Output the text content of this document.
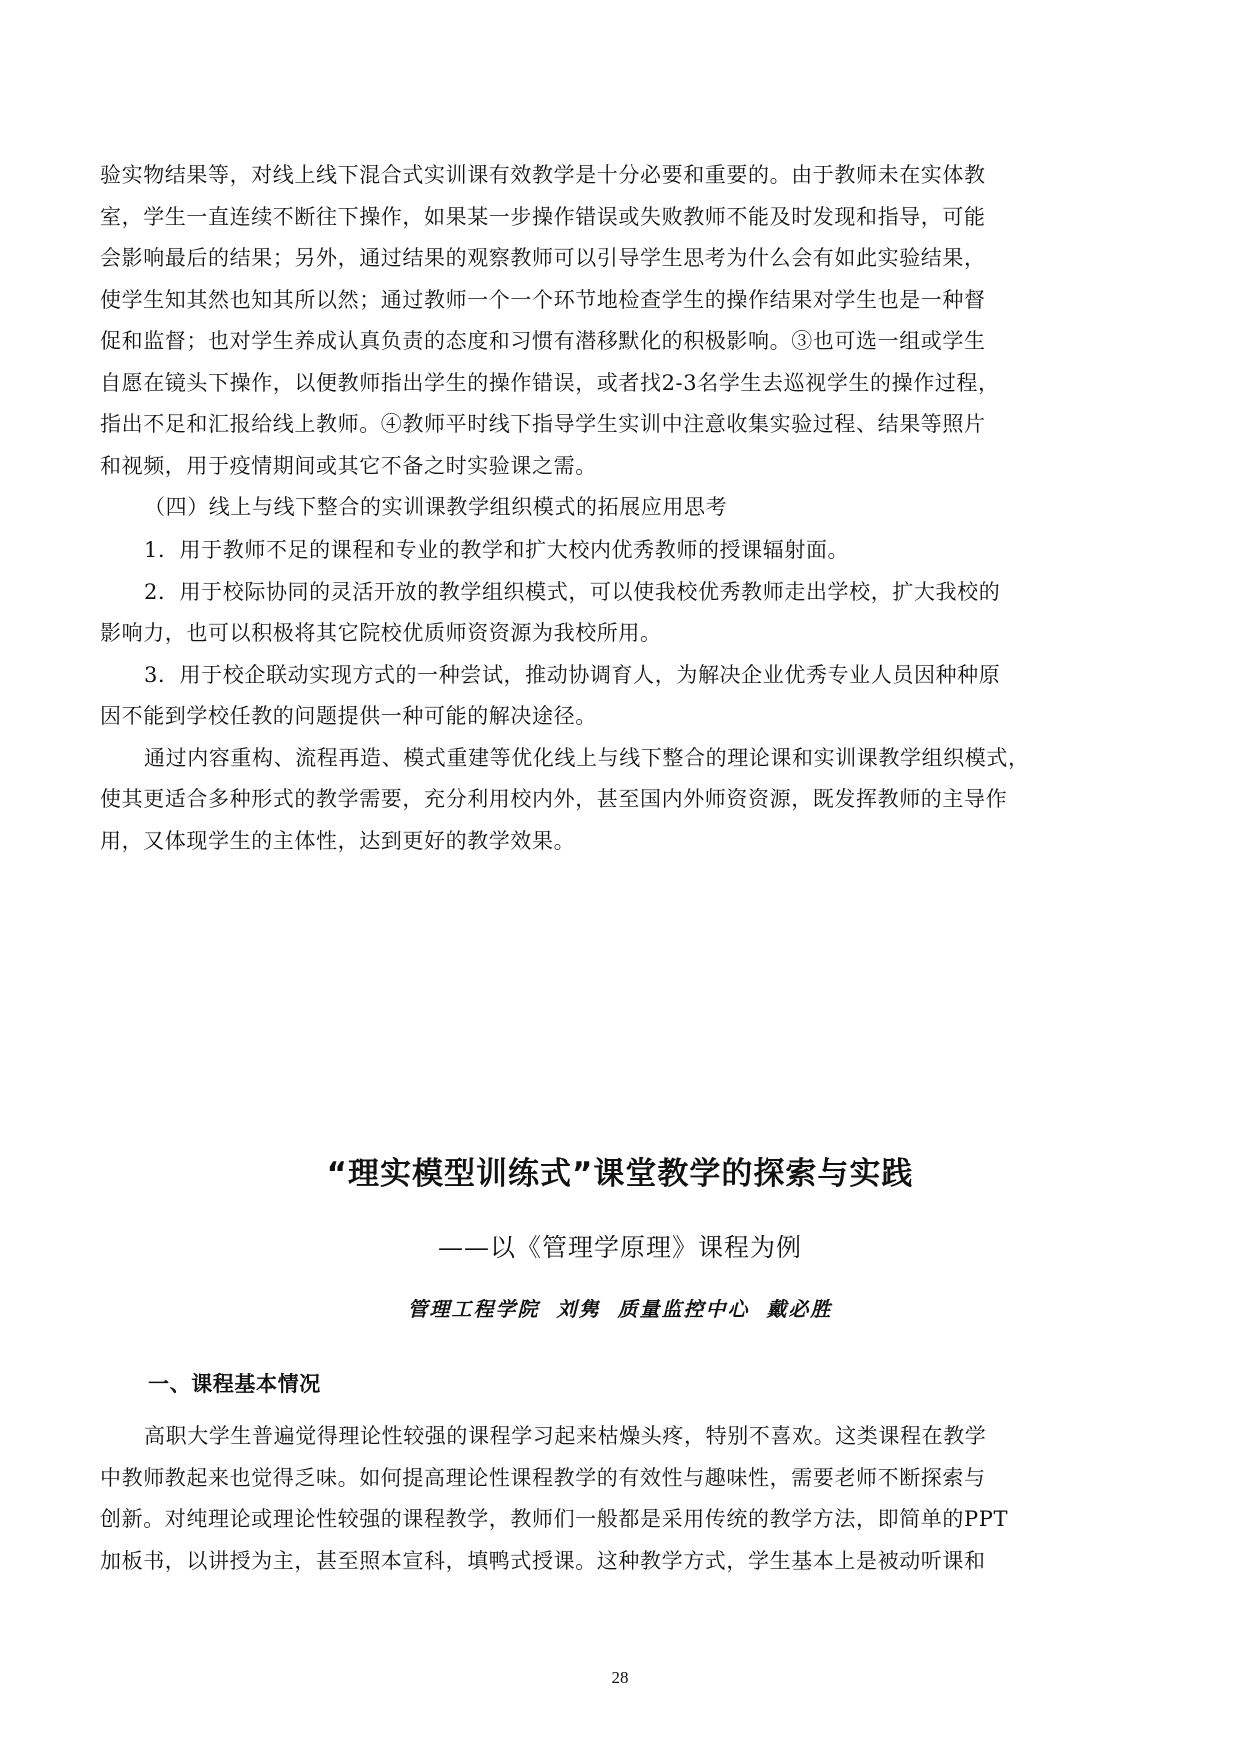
验实物结果等，对线上线下混合式实训课有效教学是十分必要和重要的。由于教师未在实体教
室，学生一直连续不断往下操作，如果某一步操作错误或失败教师不能及时发现和指导，可能
会影响最后的结果；另外，通过结果的观察教师可以引导学生思考为什么会有如此实验结果，
使学生知其然也知其所以然；通过教师一个一个环节地检查学生的操作结果对学生也是一种督
促和监督；也对学生养成认真负责的态度和习惯有潜移默化的积极影响。③也可选一组或学生
自愿在镜头下操作，以便教师指出学生的操作错误，或者找2-3名学生去巡视学生的操作过程，
指出不足和汇报给线上教师。④教师平时线下指导学生实训中注意收集实验过程、结果等照片
和视频，用于疫情期间或其它不备之时实验课之需。
（四）线上与线下整合的实训课教学组织模式的拓展应用思考
1．用于教师不足的课程和专业的教学和扩大校内优秀教师的授课辐射面。
2．用于校际协同的灵活开放的教学组织模式，可以使我校优秀教师走出学校，扩大我校的
影响力，也可以积极将其它院校优质师资资源为我校所用。
3．用于校企联动实现方式的一种尝试，推动协调育人，为解决企业优秀专业人员因种种原
因不能到学校任教的问题提供一种可能的解决途径。
通过内容重构、流程再造、模式重建等优化线上与线下整合的理论课和实训课教学组织模式，
使其更适合多种形式的教学需要，充分利用校内外，甚至国内外师资资源，既发挥教师的主导作
用，又体现学生的主体性，达到更好的教学效果。
“理实模型训练式”课堂教学的探索与实践
——以《管理学原理》课程为例
管理工程学院 刘隽 质量监控中心 戴必胜
一、课程基本情况
高职大学生普遍觉得理论性较强的课程学习起来枯燥头疼，特别不喜欢。这类课程在教学
中教师教起来也觉得乏味。如何提高理论性课程教学的有效性与趣味性，需要老师不断探索与
创新。对纯理论或理论性较强的课程教学，教师们一般都是采用传统的教学方法，即简单的PPT
加板书，以讲授为主，甚至照本宣科，填鸭式授课。这种教学方式，学生基本上是被动听课和
28
